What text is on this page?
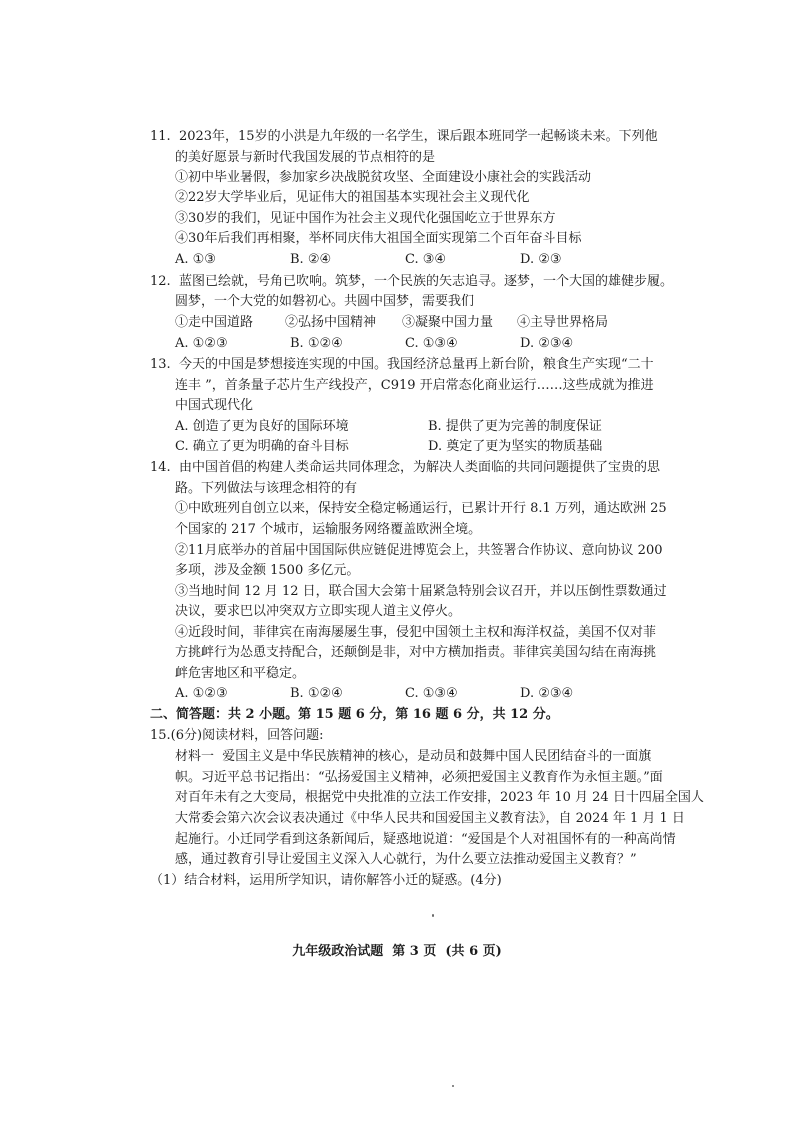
11.  2023年，15岁的小洪是九年级的一名学生，课后跟本班同学一起畅谈未来。下列他
的美好愿景与新时代我国发展的节点相符的是
①初中毕业暑假，参加家乡决战脱贫攻坚、全面建设小康社会的实践活动
②22岁大学毕业后，见证伟大的祖国基本实现社会主义现代化
③30岁的我们，见证中国作为社会主义现代化强国屹立于世界东方
④30年后我们再相聚，举杯同庆伟大祖国全面实现第二个百年奋斗目标
A. ①③	B. ②④	C. ③④	D. ②③
12.  蓝图已绘就，号角已吹响。筑梦，一个民族的矢志追寻。逐梦，一个大国的雄健步履。
圆梦，一个大党的如磐初心。共圆中国梦，需要我们
①走中国道路 ②弘扬中国精神 ③凝聚中国力量 ④主导世界格局
A. ①②③	B. ①②④	C. ①③④	D. ②③④
13.  今天的中国是梦想接连实现的中国。我国经济总量再上新台阶，粮食生产实现“二十
连丰 ”，首条量子芯片生产线投产，C919 开启常态化商业运行……这些成就为推进
中国式现代化
A. 创造了更为良好的国际环境	B. 提供了更为完善的制度保证
C. 确立了更为明确的奋斗目标	D. 奠定了更为坚实的物质基础
14.  由中国首倡的构建人类命运共同体理念，为解决人类面临的共同问题提供了宝贵的思
路。下列做法与该理念相符的有
①中欧班列自创立以来，保持安全稳定畅通运行，已累计开行 8.1 万列，通达欧洲 25
个国家的 217 个城市，运输服务网络覆盖欧洲全境。
②11月底举办的首届中国国际供应链促进博览会上，共签署合作协议、意向协议 200
多项，涉及金额 1500 多亿元。
③当地时间 12 月 12 日，联合国大会第十届紧急特别会议召开，并以压倒性票数通过
决议，要求巴以冲突双方立即实现人道主义停火。
④近段时间，菲律宾在南海屡屡生事，侵犯中国领土主权和海洋权益，美国不仅对菲
方挑衅行为怂恿支持配合，还颠倒是非，对中方横加指责。菲律宾美国勾结在南海挑
衅危害地区和平稳定。
A. ①②③	B. ①②④	C. ①③④	D. ②③④
二、简答题：共 2 小题。第 15 题 6 分，第 16 题 6 分，共 12 分。
15.(6分)阅读材料，回答问题:
材料一  爱国主义是中华民族精神的核心，是动员和鼓舞中国人民团结奋斗的一面旗
帜。习近平总书记指出：“弘扬爱国主义精神，必须把爱国主义教育作为永恒主题。”面
对百年未有之大变局，根据党中央批准的立法工作安排，2023 年 10 月 24 日十四届全国人
大常委会第六次会议表决通过《中华人民共和国爱国主义教育法》，自 2024 年 1 月 1 日
起施行。小迁同学看到这条新闻后，疑惑地说道：“爱国是个人对祖国怀有的一种高尚情
感，通过教育引导让爱国主义深入人心就行，为什么要立法推动爱国主义教育？”
（1）结合材料，运用所学知识，请你解答小迁的疑惑。(4分)
九年级政治试题  第 3 页  (共 6 页)
